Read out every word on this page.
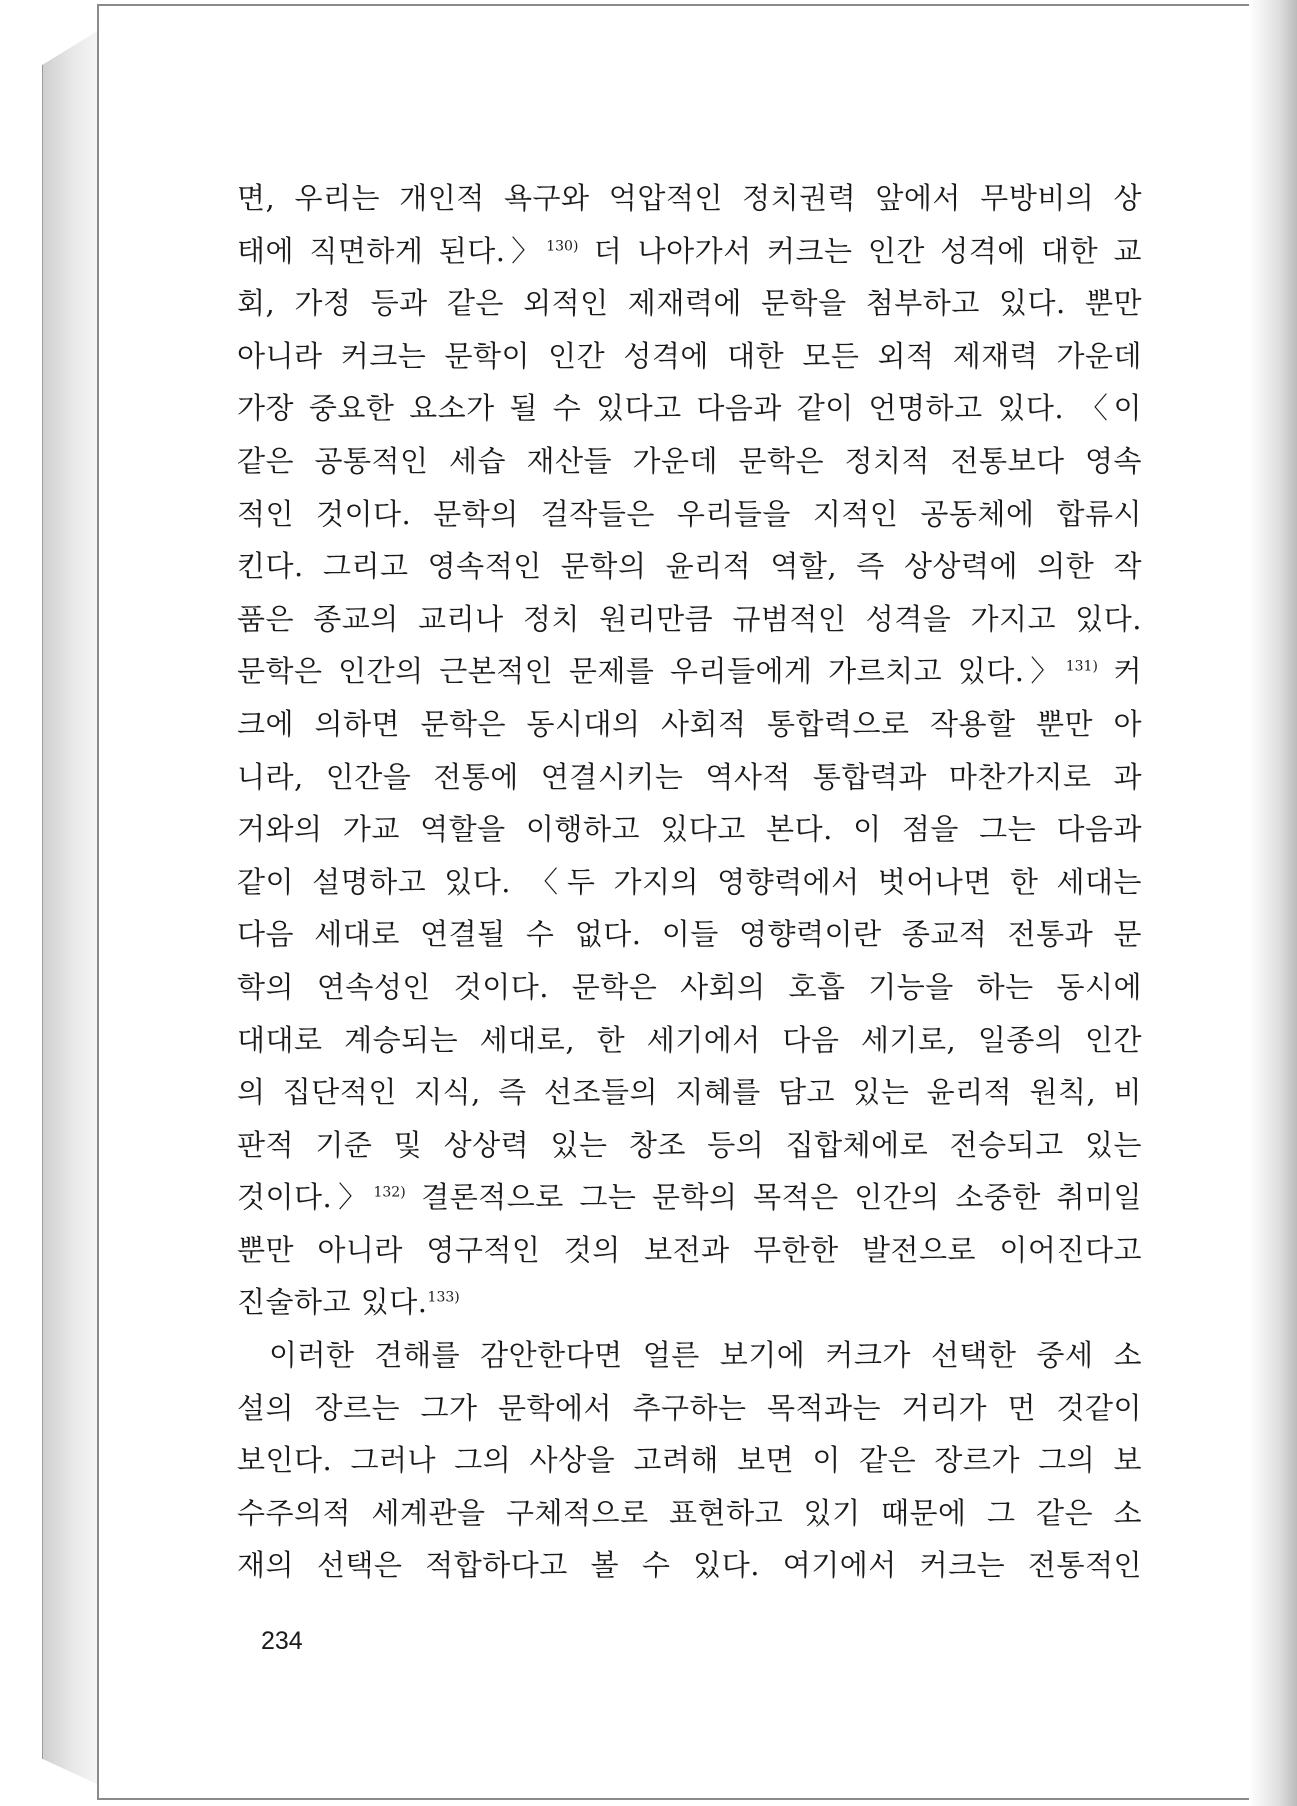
면, 우리는 개인적 욕구와 억압적인 정치권력 앞에서 무방비의 상
태에 직면하게 된다.〉$^{130)}$ 더 나아가서 커크는 인간 성격에 대한 교
회, 가정 등과 같은 외적인 제재력에 문학을 첨부하고 있다. 뿐만
아니라 커크는 문학이 인간 성격에 대한 모든 외적 제재력 가운데
가장 중요한 요소가 될 수 있다고 다음과 같이 언명하고 있다. 〈이
같은 공통적인 세습 재산들 가운데 문학은 정치적 전통보다 영속
적인 것이다. 문학의 걸작들은 우리들을 지적인 공동체에 합류시
킨다. 그리고 영속적인 문학의 윤리적 역할, 즉 상상력에 의한 작
품은 종교의 교리나 정치 원리만큼 규범적인 성격을 가지고 있다.
문학은 인간의 근본적인 문제를 우리들에게 가르치고 있다.〉$^{131)}$ 커
크에 의하면 문학은 동시대의 사회적 통합력으로 작용할 뿐만 아
니라, 인간을 전통에 연결시키는 역사적 통합력과 마찬가지로 과
거와의 가교 역할을 이행하고 있다고 본다. 이 점을 그는 다음과
같이 설명하고 있다. 〈두 가지의 영향력에서 벗어나면 한 세대는
다음 세대로 연결될 수 없다. 이들 영향력이란 종교적 전통과 문
학의 연속성인 것이다. 문학은 사회의 호흡 기능을 하는 동시에
대대로 계승되는 세대로, 한 세기에서 다음 세기로, 일종의 인간
의 집단적인 지식, 즉 선조들의 지혜를 담고 있는 윤리적 원칙, 비
판적 기준 및 상상력 있는 창조 등의 집합체에로 전승되고 있는
것이다.〉$^{132)}$ 결론적으로 그는 문학의 목적은 인간의 소중한 취미일
뿐만 아니라 영구적인 것의 보전과 무한한 발전으로 이어진다고
진술하고 있다.$^{133)}$
이러한 견해를 감안한다면 얼른 보기에 커크가 선택한 중세 소
설의 장르는 그가 문학에서 추구하는 목적과는 거리가 먼 것같이
보인다. 그러나 그의 사상을 고려해 보면 이 같은 장르가 그의 보
수주의적 세계관을 구체적으로 표현하고 있기 때문에 그 같은 소
재의 선택은 적합하다고 볼 수 있다. 여기에서 커크는 전통적인
234
